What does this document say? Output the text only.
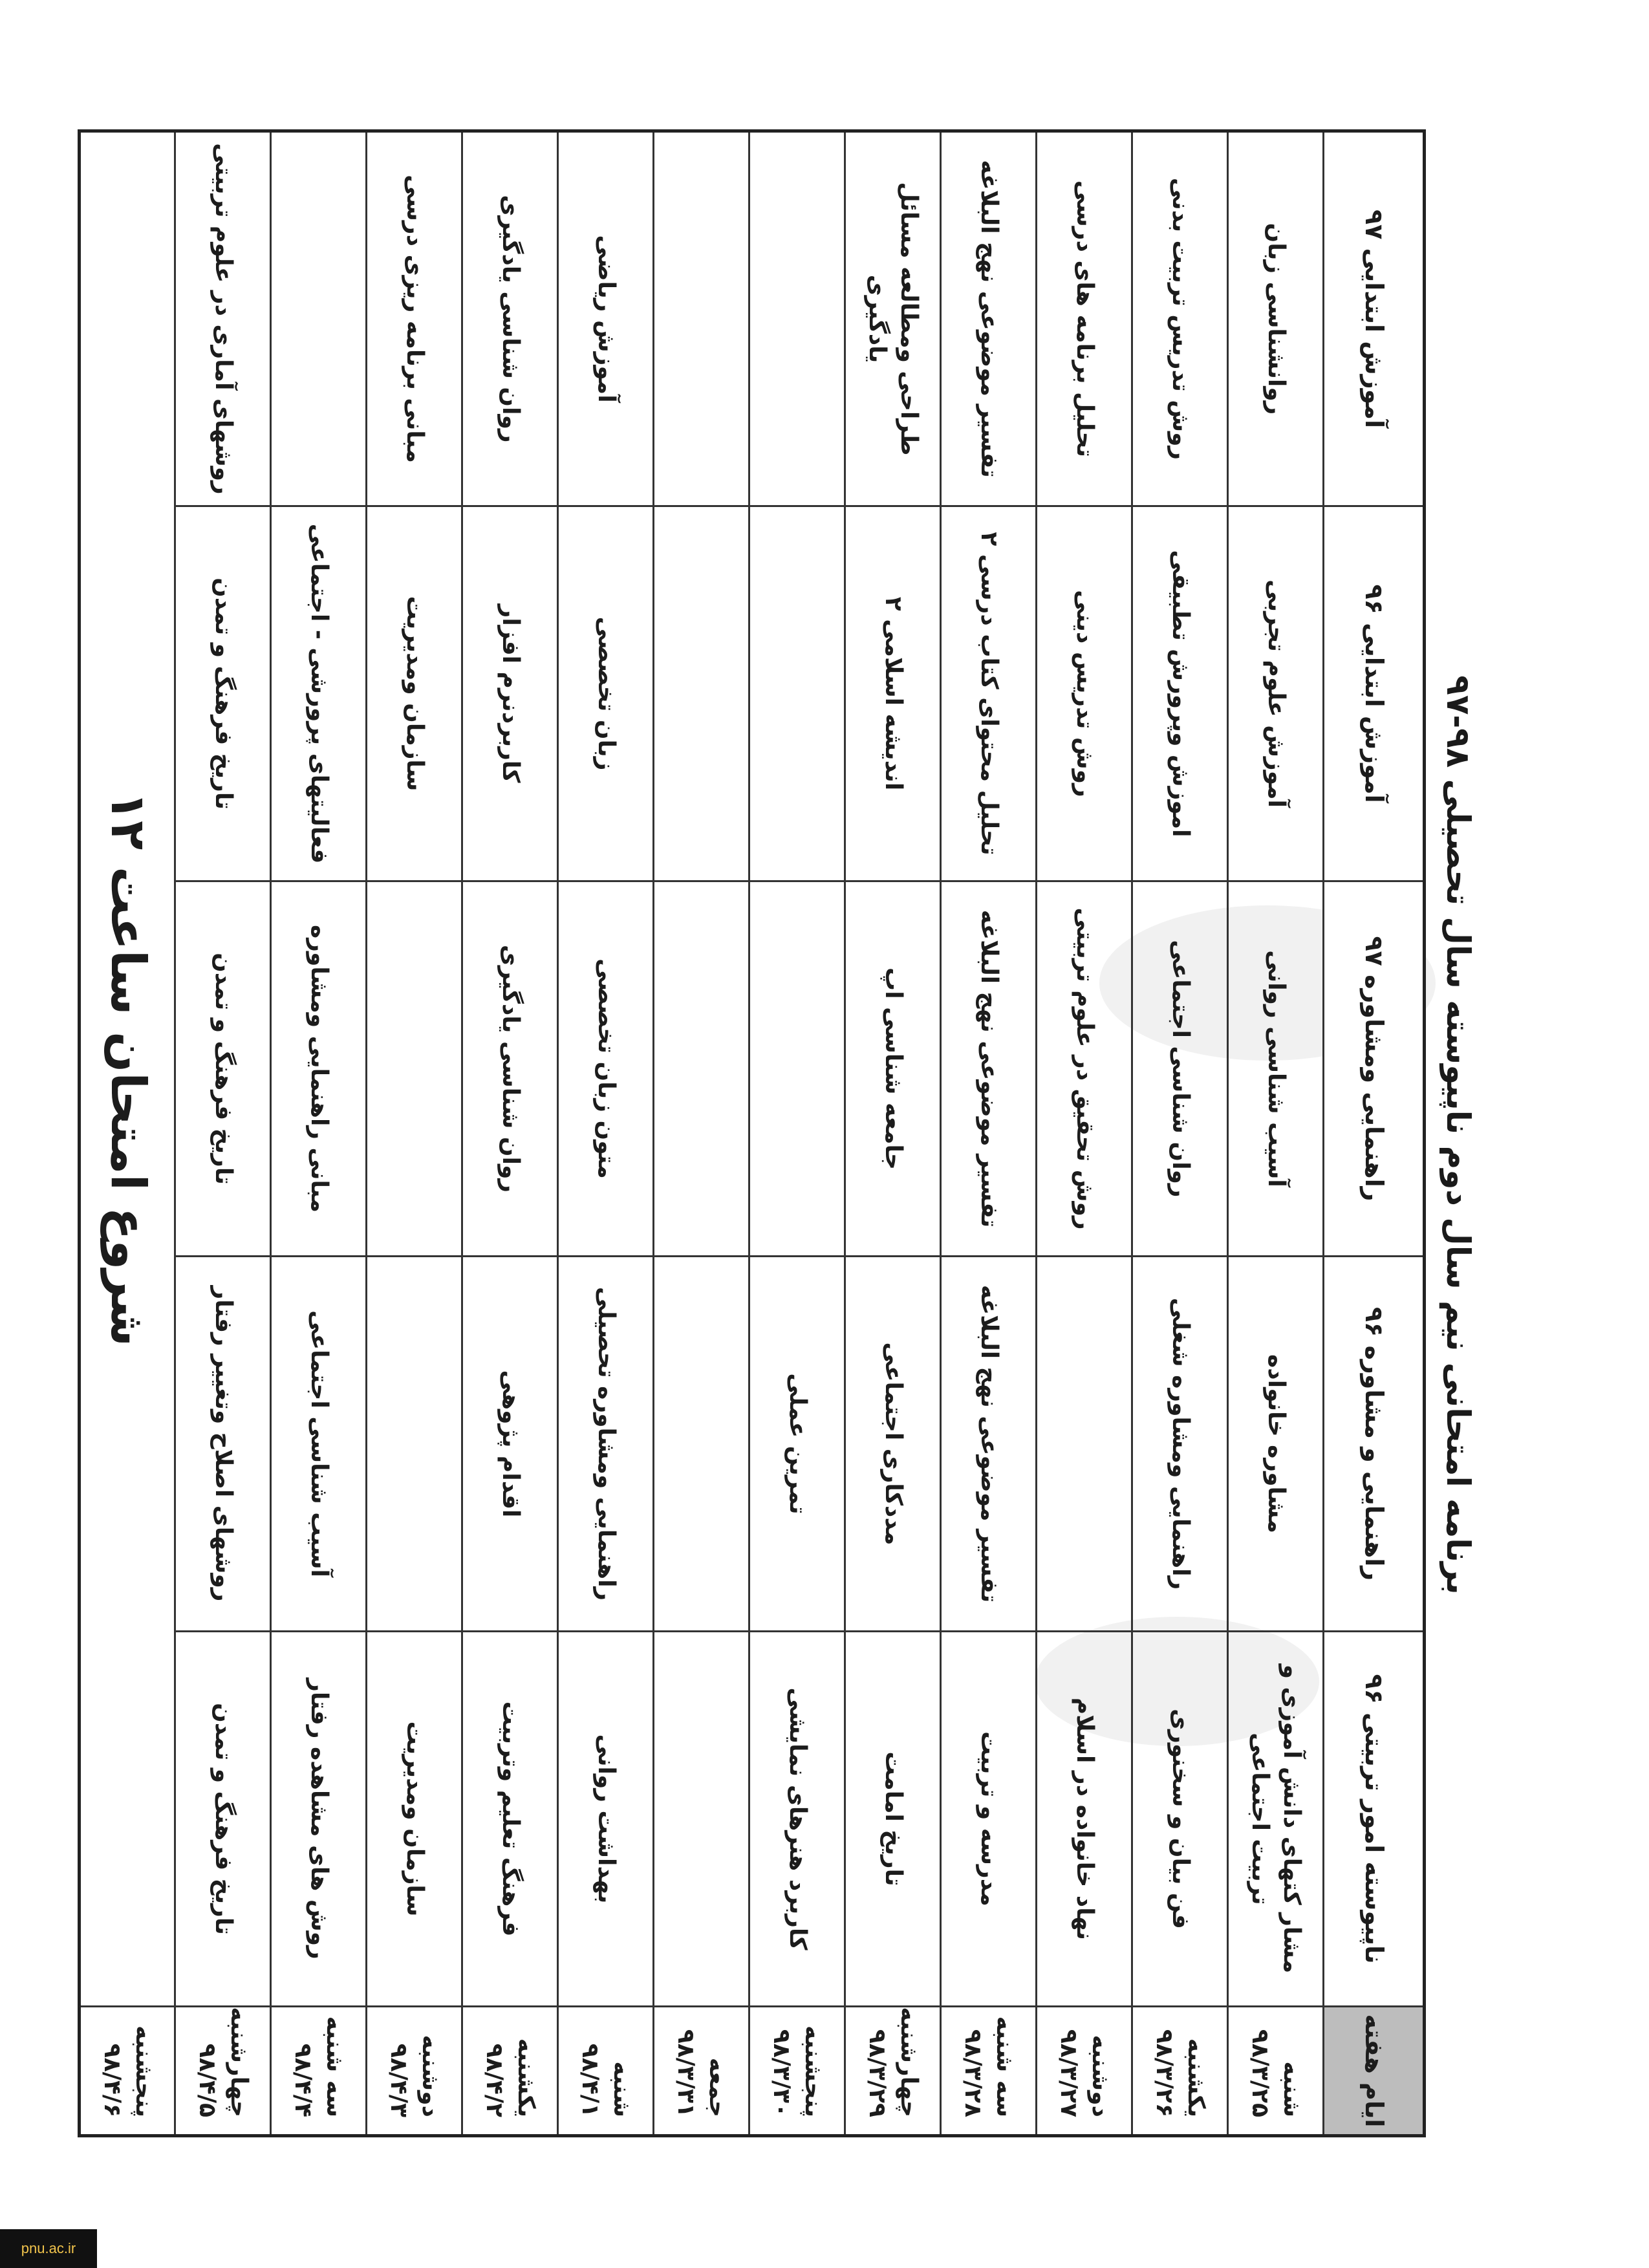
برنامه امتحانی نیم سال دوم ناپیوسته سال تحصیلی ۹۸-۹۷
ایام هفته	ناپیوسته امور تربیتی ۹۶	راهنمایی و مشاوره ۹۶	راهنمایی ومشاوره ۹۷	آموزش ابتدایی ۹۶	آموزش ابتدایی ۹۷
شنبه ۹۸/۳/۲۵	مشار کتهای دانش آموزی و تربیت اجتماعی	مشاوره خانواده	آسیب شناسی روانی	آموزش علوم تجربی	روانشناسی زبان
یکشنبه ۹۸/۳/۲۶	فن بیان و سخنوری	راهنمایی ومشاوره شغلی	روان شناسی اجتماعی	اموزش وپرورش تطبیقی	روش تدریس تربیت بدنی
دوشنبه ۹۸/۳/۲۷	نهاد خانواده در اسلام		روش تحقیق در علوم تربیتی	روش تدریس دینی	تحلیل برنامه های درسی
سه شنبه ۹۸/۳/۲۸	مدرسه و تربیت	تفسیر موضوعی نهج البلاغه	تفسیر موضوعی نهج البلاغه	تحلیل محتوای کتاب درسی ۲	تفسیر موضوعی نهج البلاغه
چهارشنبه ۹۸/۳/۲۹	تاریخ امامت	مددکاری اجتماعی	جامعه شناسی اپ	اندیشه اسلامی ۲	طراحی ومطالعه مسائل یادگیری
پنجشنبه ۹۸/۳/۳۰	کاربرد هنرهای نمایشی	تمرین عملی			
جمعه ۹۸/۳/۳۱					
شنبه ۹۸/۴/۱	بهداشت روانی	راهنمایی ومشاوره تحصیلی	متون زبان تخصصی	زبان تخصصی	آموزش ریاضی
یکشنبه ۹۸/۴/۲	فرهنگ تعلیم وتربیت	اقدام پژوهی	روان شناسی یادگیری	کاربردنرم افزار	روان شناسی یادگیری
دوشنبه ۹۸/۴/۳	سازمان ومدیریت			سازمان ومدیریت	مبانی برنامه ریزی درسی
سه شنبه ۹۸/۴/۴	روش های مشاهده رفتار	آسیب شناسی اجتماعی	مبانی راهنمایی ومشاوره	فعالیتهای پرورشی - اجتماعی	
چهارشنبه ۹۸/۴/۵	تاریخ فرهنگ و تمدن	روشهای اصلاح وتغییر رفتار	تاریخ فرهنگ و تمدن	تاریخ فرهنگ و تمدن	روشهای آماری در علوم تربیتی
پنجشنبه ۹۸/۴/۶	شروع امتحان ساعت ۱۲				
pnu.ac.ir
